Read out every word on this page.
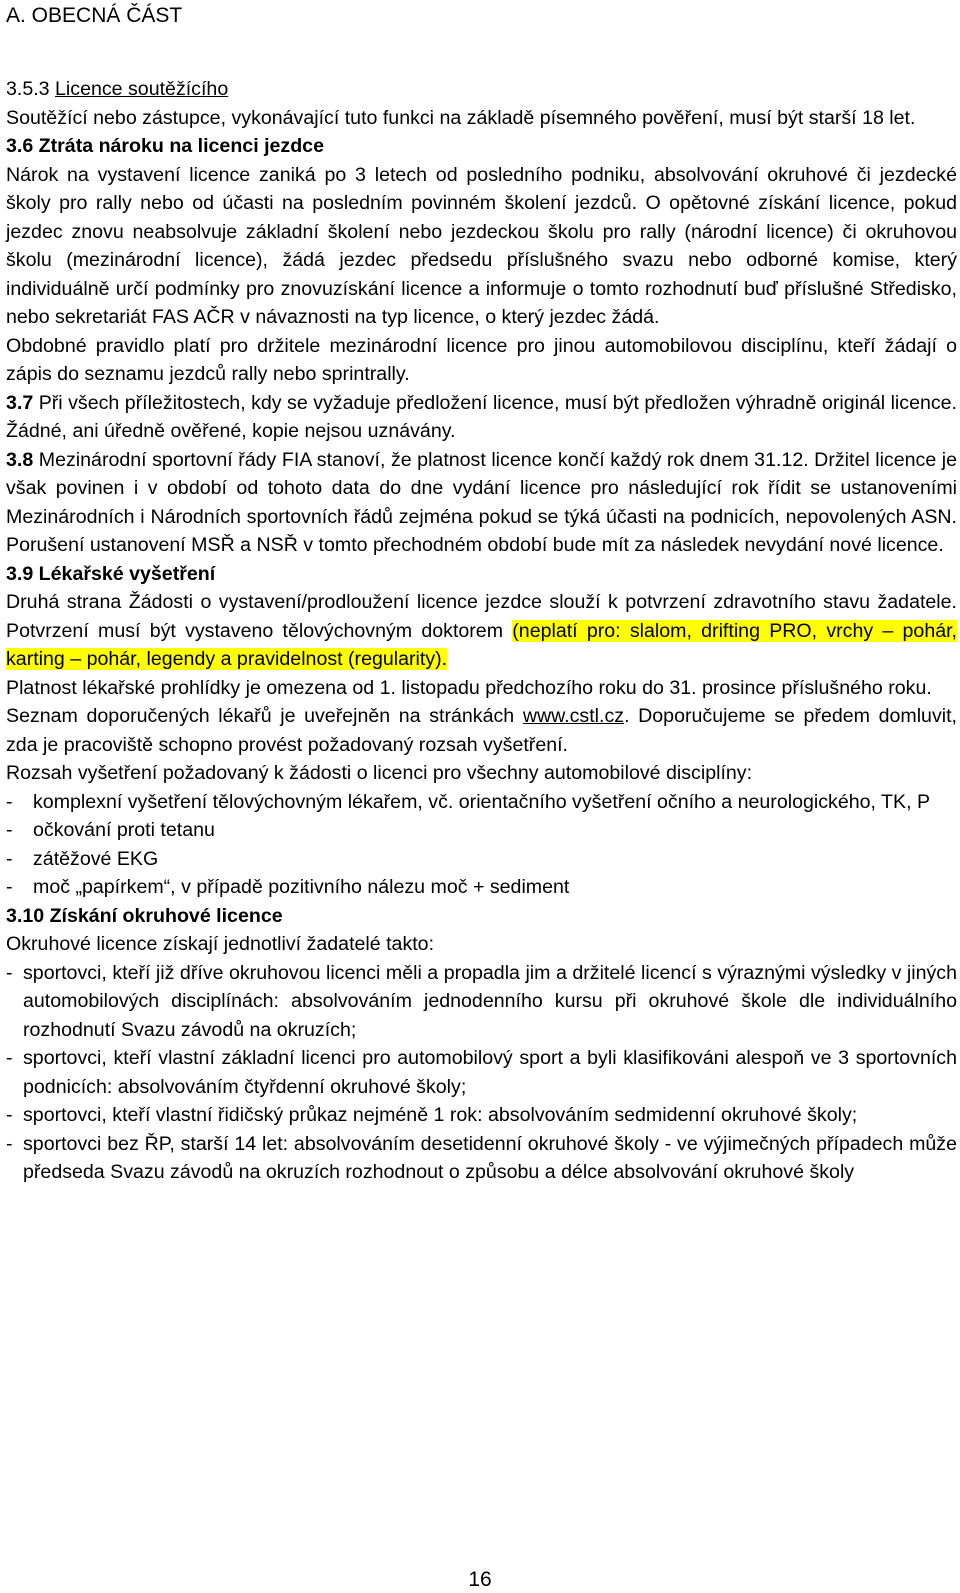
A. OBECNÁ ČÁST

3.5.3 Licence soutěžícího

Soutěžící nebo zástupce, vykonávající tuto funkci na základě písemného pověření, musí být starší 18 let.

3.6 Ztráta nároku na licenci jezdce

Nárok na vystavení licence zaniká po 3 letech od posledního podniku, absolvování okruhové či jezdecké školy pro rally nebo od účasti na posledním povinném školení jezdců. O opětovné získání licence, pokud jezdec znovu neabsolvuje základní školení nebo jezdeckou školu pro rally (národní licence) či okruhovou školu (mezinárodní licence), žádá jezdec předsedu příslušného svazu nebo odborné komise, který individuálně určí podmínky pro znovuzískání licence a informuje o tomto rozhodnutí buď příslušné Středisko, nebo sekretariát FAS AČR v návaznosti na typ licence, o který jezdec žádá.

Obdobné pravidlo platí pro držitele mezinárodní licence pro jinou automobilovou disciplínu, kteří žádají o zápis do seznamu jezdců rally nebo sprintrally.

3.7 Při všech příležitostech, kdy se vyžaduje předložení licence, musí být předložen výhradně originál licence. Žádné, ani úředně ověřené, kopie nejsou uznávány.

3.8 Mezinárodní sportovní řády FIA stanoví, že platnost licence končí každý rok dnem 31.12. Držitel licence je však povinen i v období od tohoto data do dne vydání licence pro následující rok řídit se ustanoveními Mezinárodních i Národních sportovních řádů zejména pokud se týká účasti na podnicích, nepovolených ASN. Porušení ustanovení MSŘ a NSŘ v tomto přechodném období bude mít za následek nevydání nové licence.

3.9 Lékařské vyšetření

Druhá strana Žádosti o vystavení/prodloužení licence jezdce slouží k potvrzení zdravotního stavu žadatele. Potvrzení musí být vystaveno tělovýchovným doktorem (neplatí pro: slalom, drifting PRO, vrchy – pohár, karting – pohár, legendy a pravidelnost (regularity).

Platnost lékařské prohlídky je omezena od 1. listopadu předchozího roku do 31. prosince příslušného roku.

Seznam doporučených lékařů je uveřejněn na stránkách www.cstl.cz. Doporučujeme se předem domluvit, zda je pracoviště schopno provést požadovaný rozsah vyšetření.

Rozsah vyšetření požadovaný k žádosti o licenci pro všechny automobilové disciplíny:

- komplexní vyšetření tělovýchovným lékařem, vč. orientačního vyšetření očního a neurologického, TK, P
- očkování proti tetanu
- zátěžové EKG
- moč „papírkem“, v případě pozitivního nálezu moč + sediment

3.10 Získání okruhové licence

Okruhové licence získají jednotliví žadatelé takto:

- sportovci, kteří již dříve okruhovou licenci měli a propadla jim a držitelé licencí s výraznými výsledky v jiných automobilových disciplínách: absolvováním jednodenního kursu při okruhové škole dle individuálního rozhodnutí Svazu závodů na okruzích;
- sportovci, kteří vlastní základní licenci pro automobilový sport a byli klasifikováni alespoň ve 3 sportovních podnicích: absolvováním čtyřdenní okruhové školy;
- sportovci, kteří vlastní řidičský průkaz nejméně 1 rok: absolvováním sedmidenní okruhové školy;
- sportovci bez ŘP, starší 14 let: absolvováním desetidenní okruhové školy - ve výjimečných případech může předseda Svazu závodů na okruzích rozhodnout o způsobu a délce absolvování okruhové školy
16
